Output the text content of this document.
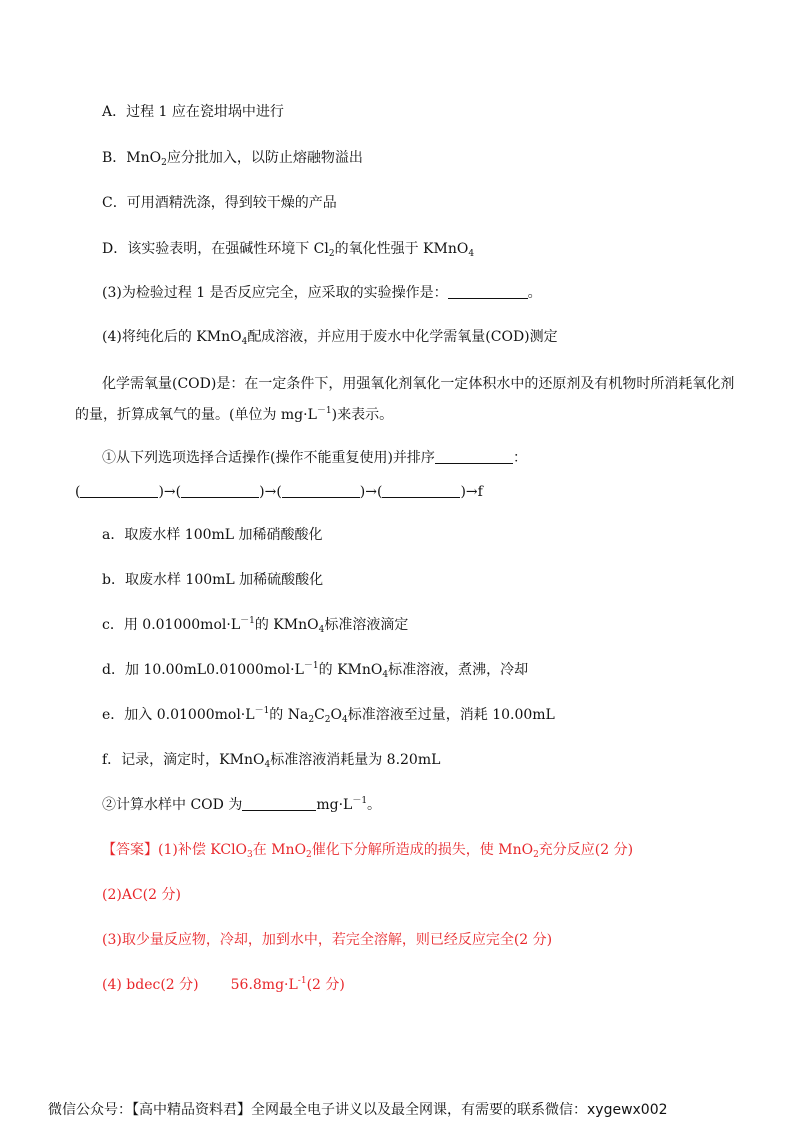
A．过程 1 应在瓷坩埚中进行
B．MnO$_2$应分批加入，以防止熔融物溢出
C．可用酒精洗涤，得到较干燥的产品
D．该实验表明，在强碱性环境下 $Cl_2$的氧化性强于 KMnO$_4$
(3)为检验过程 1 是否反应完全，应采取的实验操作是：	。
(4)将纯化后的 KMnO$_4$配成溶液，并应用于废水中化学需氧量(COD)测定
化学需氧量(COD)是：在一定条件下，用强氧化剂氧化一定体积水中的还原剂及有机物时所消耗氧化剂
的量，折算成氧气的量。(单位为 $mg\cdot L^{-1}$)来表示。
①从下列选项选择合适操作(操作不能重复使用)并排序	：
(	)→(	)→(	)→(	)→f
a．取废水样 100mL 加稀硝酸酸化
b．取废水样 100mL 加稀硫酸酸化
c．用 $0.01000mol\cdot L^{-1}$的 KMnO$_4$标准溶液滴定
d．加 $10.00mL0.01000mol\cdot L^{-1}$的 KMnO$_4$标准溶液，煮沸，冷却
e．加入 $0.01000mol\cdot L^{-1}$的 $Na_2C_2O_4$标准溶液至过量，消耗 10.00mL
f．记录，滴定时，KMnO$_4$标准溶液消耗量为 8.20mL
②计算水样中 COD 为	$mg\cdot L^{-1}$。
【答案】(1)补偿 KClO$_3$在 MnO$_2$催化下分解所造成的损失，使 MnO$_2$充分反应(2 分)
(2)AC(2 分)
(3)取少量反应物，冷却，加到水中，若完全溶解，则已经反应完全(2 分)
(4) bdec(2 分) $56.8mg\cdot L^{-1}(2$ 分)
微信公众号：【高中精品资料君】全网最全电子讲义以及最全网课，有需要的联系微信：xygewx002
